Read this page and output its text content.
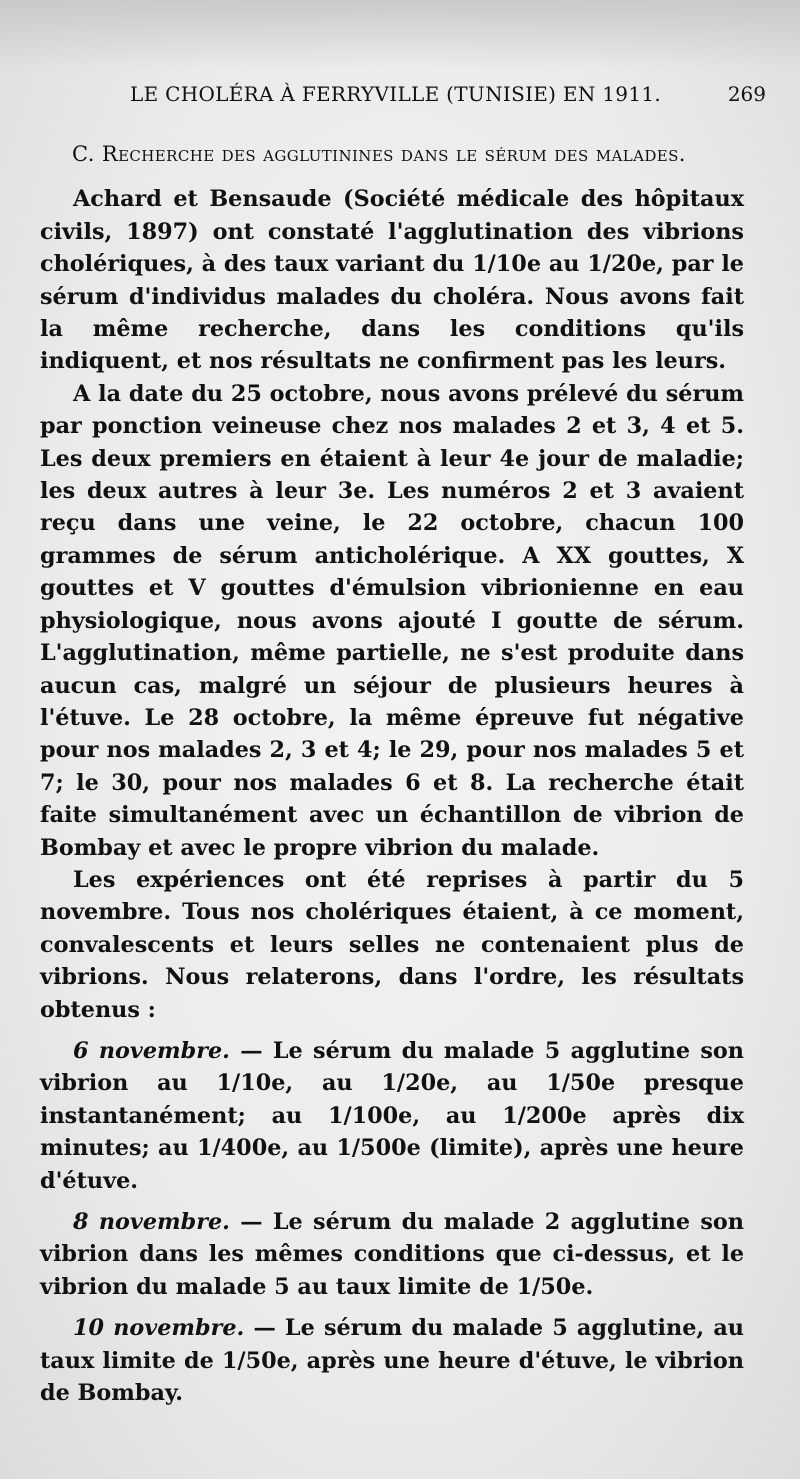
LE CHOLÉRA À FERRYVILLE (TUNISIE) EN 1911.	269
C. Recherche des agglutinines dans le sérum des malades.

Achard et Bensaude (Société médicale des hôpitaux civils, 1897) ont constaté l'agglutination des vibrions cholériques, à des taux variant du 1/10e au 1/20e, par le sérum d'individus malades du choléra. Nous avons fait la même recherche, dans les conditions qu'ils indiquent, et nos résultats ne confirment pas les leurs.

A la date du 25 octobre, nous avons prélevé du sérum par ponction veineuse chez nos malades 2 et 3, 4 et 5. Les deux premiers en étaient à leur 4e jour de maladie; les deux autres à leur 3e. Les numéros 2 et 3 avaient reçu dans une veine, le 22 octobre, chacun 100 grammes de sérum anticholérique. A XX gouttes, X gouttes et V gouttes d'émulsion vibrionienne en eau physiologique, nous avons ajouté I goutte de sérum. L'agglutination, même partielle, ne s'est produite dans aucun cas, malgré un séjour de plusieurs heures à l'étuve. Le 28 octobre, la même épreuve fut négative pour nos malades 2, 3 et 4; le 29, pour nos malades 5 et 7; le 30, pour nos malades 6 et 8. La recherche était faite simultanément avec un échantillon de vibrion de Bombay et avec le propre vibrion du malade.

Les expériences ont été reprises à partir du 5 novembre. Tous nos cholériques étaient, à ce moment, convalescents et leurs selles ne contenaient plus de vibrions. Nous relaterons, dans l'ordre, les résultats obtenus :

6 novembre. — Le sérum du malade 5 agglutine son vibrion au 1/10e, au 1/20e, au 1/50e presque instantanément; au 1/100e, au 1/200e après dix minutes; au 1/400e, au 1/500e (limite), après une heure d'étuve.

8 novembre. — Le sérum du malade 2 agglutine son vibrion dans les mêmes conditions que ci-dessus, et le vibrion du malade 5 au taux limite de 1/50e.

10 novembre. — Le sérum du malade 5 agglutine, au taux limite de 1/50e, après une heure d'étuve, le vibrion de Bombay.
